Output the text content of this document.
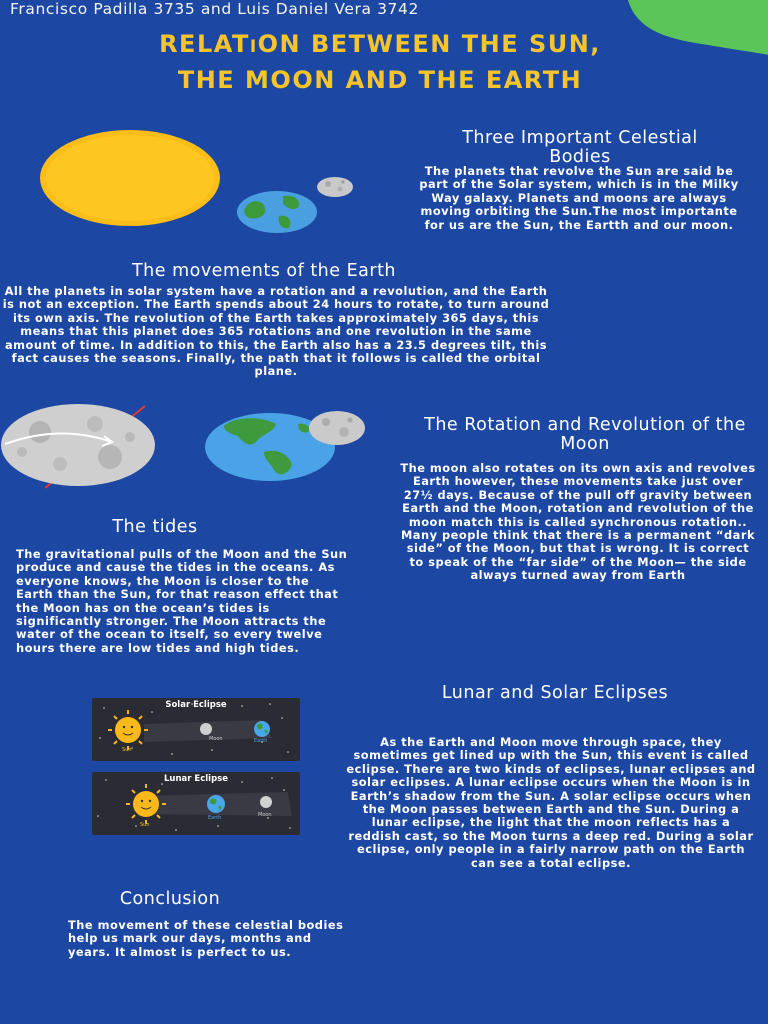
Francisco Padilla 3735 and Luis Daniel Vera 3742
RELATiON BETWEEN THE SUN, THE MOON AND THE EARTH
Three Important Celestial Bodies
The planets that revolve the Sun are said be part of the Solar system, which is in the Milky Way galaxy. Planets and moons are always moving orbiting the Sun.The most importante for us are the Sun, the Eartth and our moon.
The movements of the Earth
All the planets in solar system have a rotation and a revolution, and the Earth is not an exception. The Earth spends about 24 hours to rotate, to turn around its own axis. The revolution of the Earth takes approximately 365 days, this means that this planet does 365 rotations and one revolution in the same amount of time. In addition to this, the Earth also has a 23.5 degrees tilt, this fact causes the seasons. Finally, the path that it follows is called the orbital plane.
The Rotation and Revolution of the Moon
The moon also rotates on its own axis and revolves Earth however, these movements take just over 27½ days. Because of the pull off gravity between Earth and the Moon, rotation and revolution of the moon match this is called synchronous rotation.. Many people think that there is a permanent “dark side” of the Moon, but that is wrong. It is correct to speak of the “far side” of the Moon— the side always turned away from Earth
The tides
The gravitational pulls of the Moon and the Sun produce and cause the tides in the oceans. As everyone knows, the Moon is closer to the Earth than the Sun, for that reason effect that the Moon has on the ocean’s tides is significantly stronger. The Moon attracts the water of the ocean to itself, so every twelve hours there are low tides and high tides.
Solar Eclipse
Sun
Moon	Earth
Lunar Eclipse
Sun
Earth	Moon
Lunar and Solar Eclipses
As the Earth and Moon move through space, they sometimes get lined up with the Sun, this event is called eclipse. There are two kinds of eclipses, lunar eclipses and solar eclipses. A lunar eclipse occurs when the Moon is in Earth’s shadow from the Sun. A solar eclipse occurs when the Moon passes between Earth and the Sun. During a lunar eclipse, the light that the moon reflects has a reddish cast, so the Moon turns a deep red. During a solar eclipse, only people in a fairly narrow path on the Earth can see a total eclipse.
Conclusion
The movement of these celestial bodies help us mark our days, months and years. It almost is perfect to us.
